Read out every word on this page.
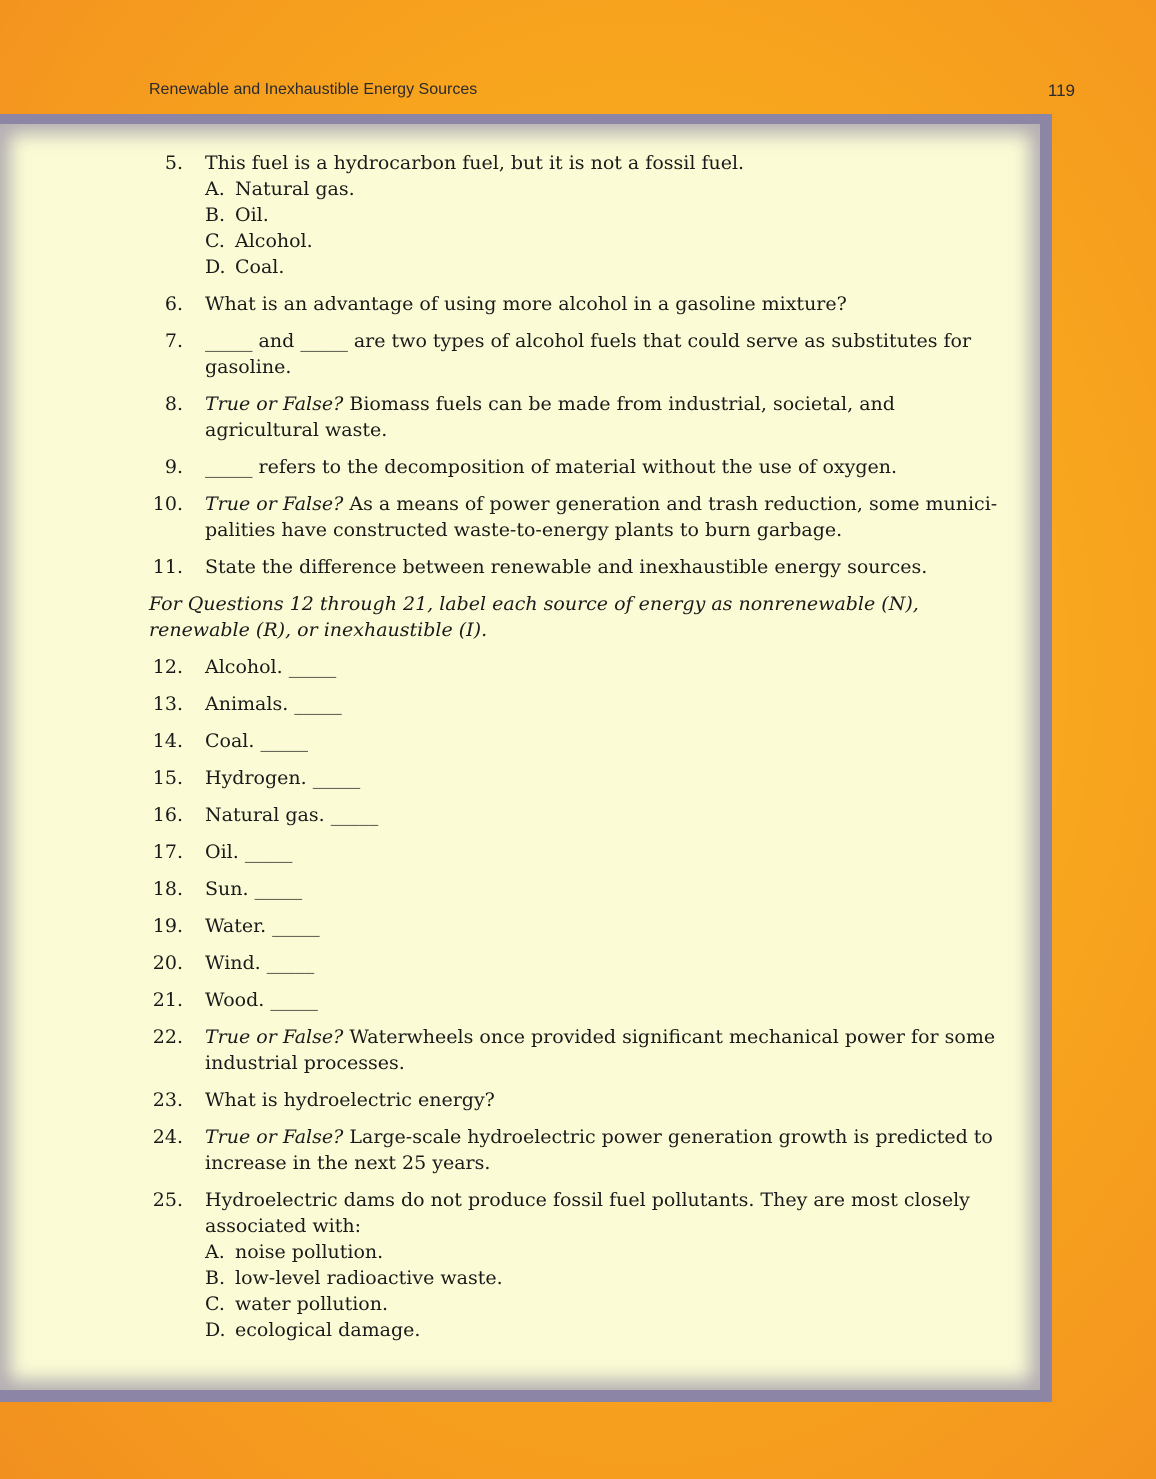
Renewable and Inexhaustible Energy Sources	119
5. This fuel is a hydrocarbon fuel, but it is not a fossil fuel.
A. Natural gas.
B. Oil.
C. Alcohol.
D. Coal.
6. What is an advantage of using more alcohol in a gasoline mixture?
7. _____ and _____ are two types of alcohol fuels that could serve as substitutes for gasoline.
8. True or False? Biomass fuels can be made from industrial, societal, and agricultural waste.
9. _____ refers to the decomposition of material without the use of oxygen.
10. True or False? As a means of power generation and trash reduction, some munici-palities have constructed waste-to-energy plants to burn garbage.
11. State the difference between renewable and inexhaustible energy sources.
For Questions 12 through 21, label each source of energy as nonrenewable (N), renewable (R), or inexhaustible (I).
12. Alcohol. _____
13. Animals. _____
14. Coal. _____
15. Hydrogen. _____
16. Natural gas. _____
17. Oil. _____
18. Sun. _____
19. Water. _____
20. Wind. _____
21. Wood. _____
22. True or False? Waterwheels once provided significant mechanical power for some industrial processes.
23. What is hydroelectric energy?
24. True or False? Large-scale hydroelectric power generation growth is predicted to increase in the next 25 years.
25. Hydroelectric dams do not produce fossil fuel pollutants. They are most closely associated with:
A. noise pollution.
B. low-level radioactive waste.
C. water pollution.
D. ecological damage.
